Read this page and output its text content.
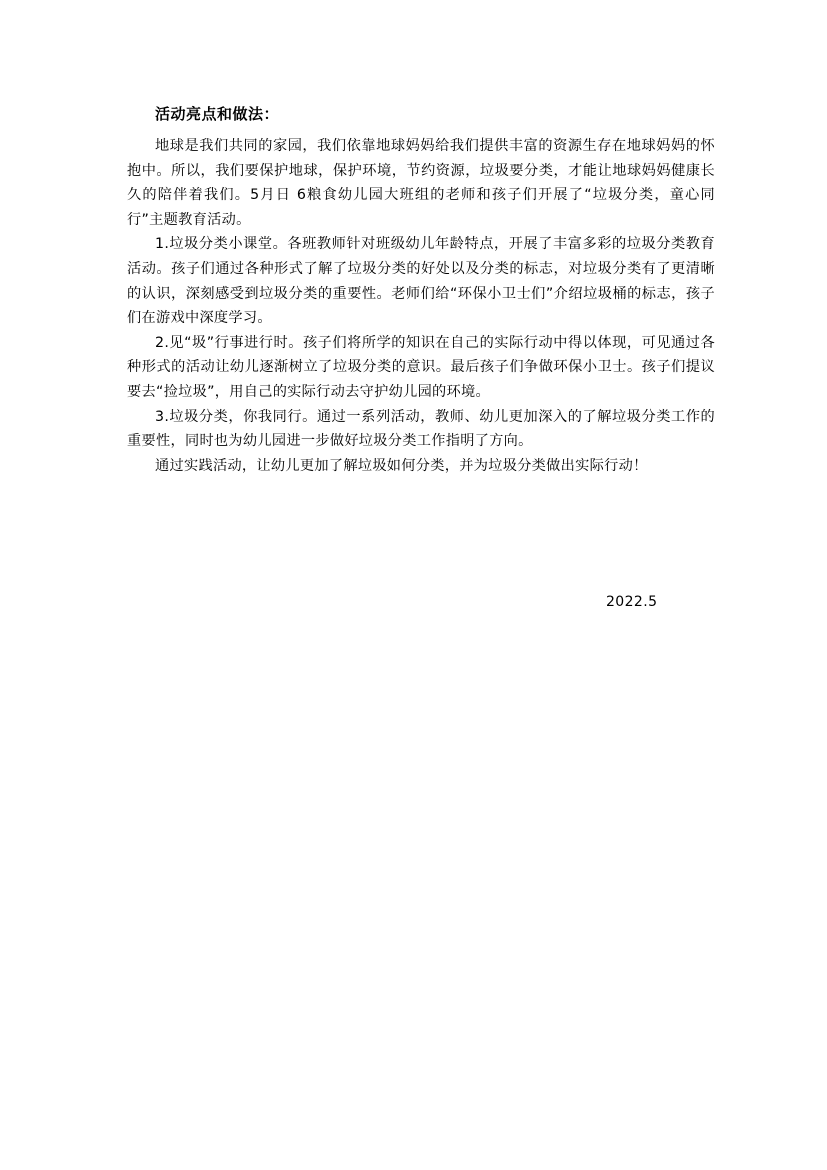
活动亮点和做法：

地球是我们共同的家园，我们依靠地球妈妈给我们提供丰富的资源生存在地球妈妈的怀抱中。所以，我们要保护地球，保护环境，节约资源，垃圾要分类，才能让地球妈妈健康长久的陪伴着我们。5月日 6粮食幼儿园大班组的老师和孩子们开展了“垃圾分类，童心同行”主题教育活动。

1.垃圾分类小课堂。各班教师针对班级幼儿年龄特点，开展了丰富多彩的垃圾分类教育活动。孩子们通过各种形式了解了垃圾分类的好处以及分类的标志，对垃圾分类有了更清晰的认识，深刻感受到垃圾分类的重要性。老师们给“环保小卫士们”介绍垃圾桶的标志，孩子们在游戏中深度学习。

2.见“圾”行事进行时。孩子们将所学的知识在自己的实际行动中得以体现，可见通过各种形式的活动让幼儿逐渐树立了垃圾分类的意识。最后孩子们争做环保小卫士。孩子们提议要去“捡垃圾”，用自己的实际行动去守护幼儿园的环境。

3.垃圾分类，你我同行。通过一系列活动，教师、幼儿更加深入的了解垃圾分类工作的重要性，同时也为幼儿园进一步做好垃圾分类工作指明了方向。

通过实践活动，让幼儿更加了解垃圾如何分类，并为垃圾分类做出实际行动！

2022.5
